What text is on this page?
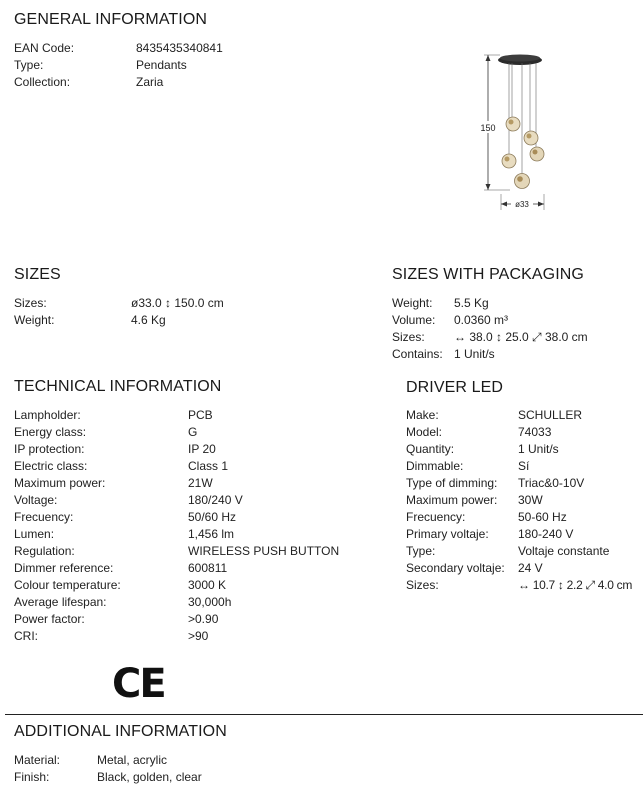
GENERAL INFORMATION
EAN Code:	8435435340841
Type:	Pendants
Collection:	Zaria
150
ø33
SIZES
Sizes:	ø33.0 ↕ 150.0 cm
Weight:	4.6 Kg
SIZES WITH PACKAGING
Weight: 5.5 Kg
Volume: 0.0360 m³
Sizes: ↔ 38.0 ↕ 25.0 ⤢ 38.0 cm
Contains: 1 Unit/s
TECHNICAL INFORMATION
Lampholder:	PCB
Energy class:	G
IP protection:	IP 20
Electric class:	Class 1
Maximum power:	21W
Voltage:	180/240 V
Frecuency:	50/60 Hz
Lumen:	1,456 lm
Regulation:	WIRELESS PUSH BUTTON
Dimmer reference:	600811
Colour temperature:	3000 K
Average lifespan:	30,000h
Power factor:	>0.90
CRI:	>90
DRIVER LED
Make:	SCHULLER
Model:	74033
Quantity:	1 Unit/s
Dimmable:	Sí
Type of dimming: Triac&0-10V
Maximum power: 30W
Frecuency:	50-60 Hz
Primary voltaje: 180-240 V
Type:	Voltaje constante
Secondary voltaje: 24 V
Sizes:	↔ 10.7 ↕ 2.2 ⤢ 4.0 cm
CE
ADDITIONAL INFORMATION
Material:	Metal, acrylic
Finish:	Black, golden, clear
